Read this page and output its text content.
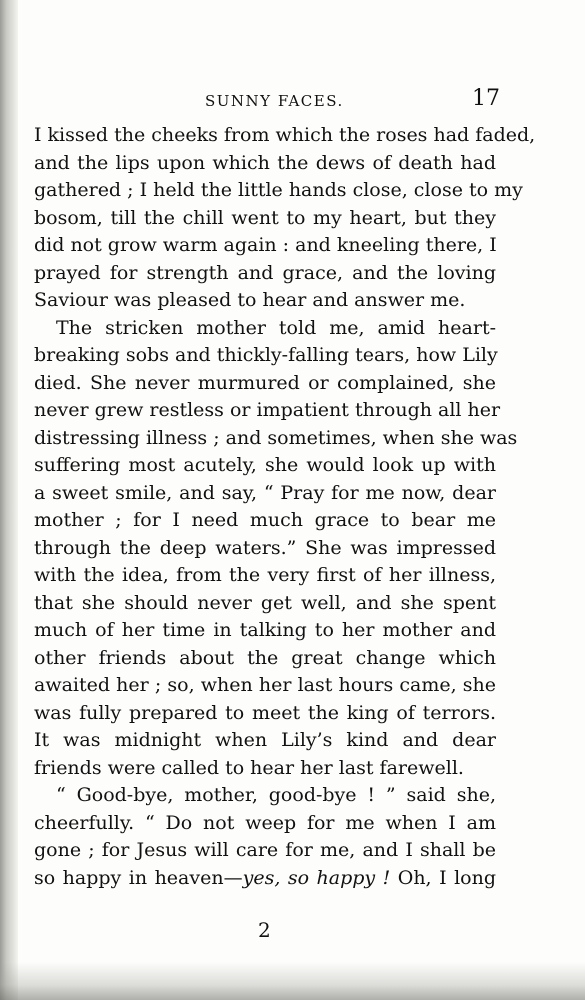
SUNNY FACES.	17
I kissed the cheeks from which the roses had faded,
and the lips upon which the dews of death had
gathered ; I held the little hands close, close to my
bosom, till the chill went to my heart, but they
did not grow warm again : and kneeling there, I
prayed for strength and grace, and the loving
Saviour was pleased to hear and answer me.
The stricken mother told me, amid heart-
breaking sobs and thickly-falling tears, how Lily
died. She never murmured or complained, she
never grew restless or impatient through all her
distressing illness ; and sometimes, when she was
suffering most acutely, she would look up with
a sweet smile, and say, “ Pray for me now, dear
mother ; for I need much grace to bear me
through the deep waters.” She was impressed
with the idea, from the very first of her illness,
that she should never get well, and she spent
much of her time in talking to her mother and
other friends about the great change which
awaited her ; so, when her last hours came, she
was fully prepared to meet the king of terrors.
It was midnight when Lily’s kind and dear
friends were called to hear her last farewell.
“ Good-bye, mother, good-bye ! ” said she,
cheerfully. “ Do not weep for me when I am
gone ; for Jesus will care for me, and I shall be
so happy in heaven—yes, so happy ! Oh, I long
2
